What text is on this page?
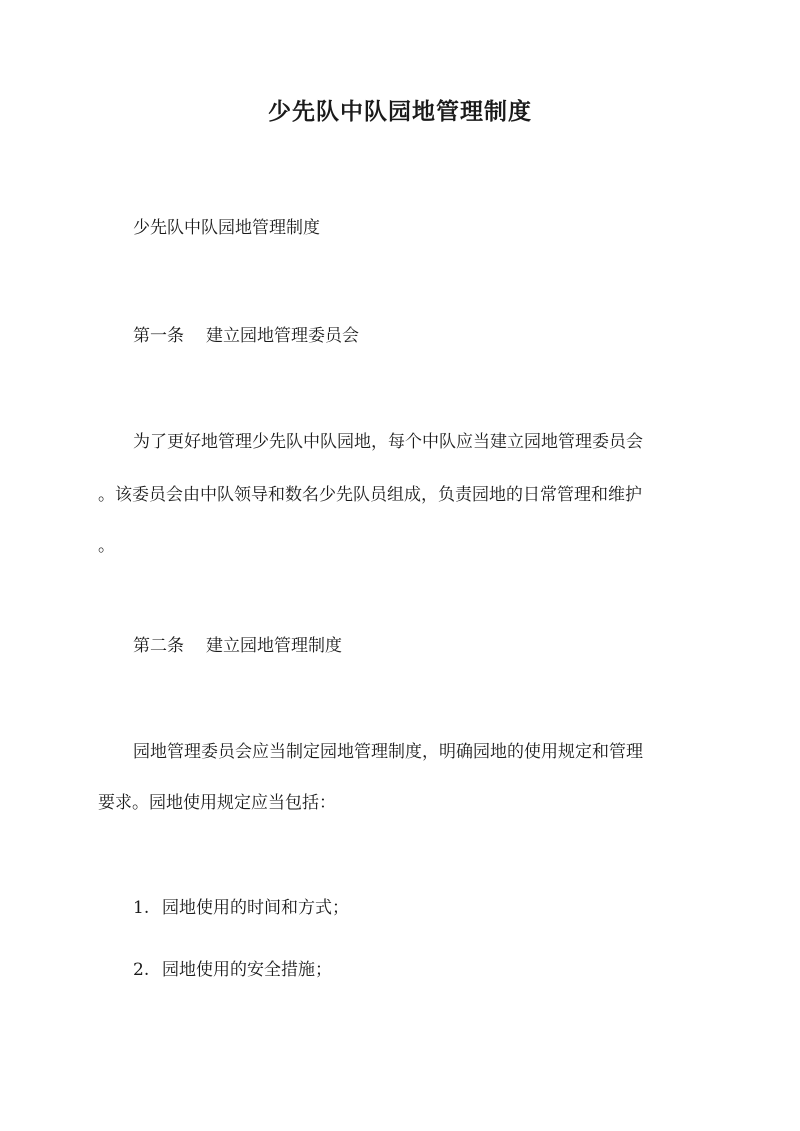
少先队中队园地管理制度

少先队中队园地管理制度

第一条 建立园地管理委员会

为了更好地管理少先队中队园地，每个中队应当建立园地管理委员会

。该委员会由中队领导和数名少先队员组成，负责园地的日常管理和维护

。

第二条 建立园地管理制度

园地管理委员会应当制定园地管理制度，明确园地的使用规定和管理

要求。园地使用规定应当包括：

1. 园地使用的时间和方式；

2. 园地使用的安全措施；
